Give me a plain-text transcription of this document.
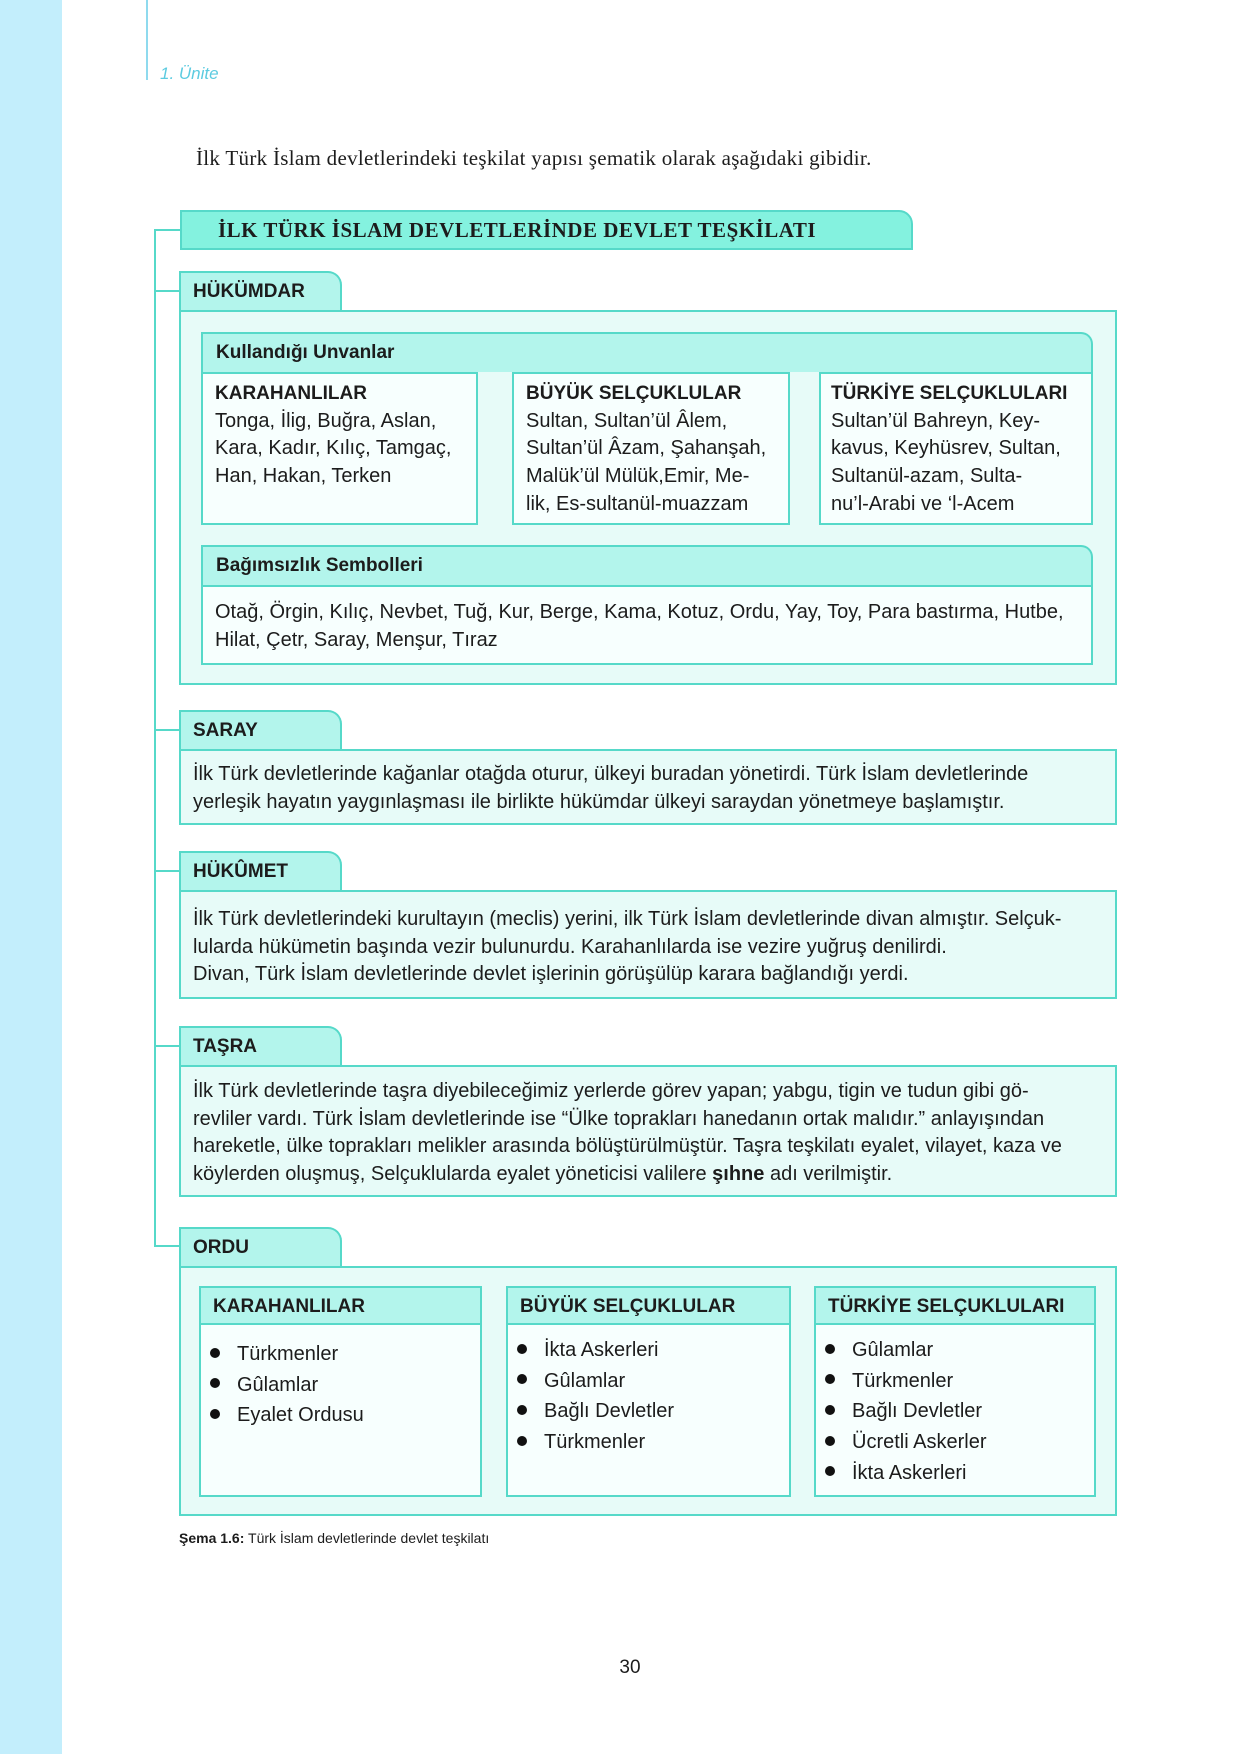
1. Ünite
İlk Türk İslam devletlerindeki teşkilat yapısı şematik olarak aşağıdaki gibidir.
İLK TÜRK İSLAM DEVLETLERİNDE DEVLET TEŞKİLATI
HÜKÜMDAR
Kullandığı Unvanlar
KARAHANLILAR
Tonga, İlig, Buğra, Aslan,
Kara, Kadır, Kılıç, Tamgaç,
Han, Hakan, Terken
BÜYÜK SELÇUKLULAR
Sultan, Sultan’ül Âlem,
Sultan’ül Âzam, Şahanşah,
Malük’ül Mülük,Emir, Me-
lik, Es-sultanül-muazzam
TÜRKİYE SELÇUKLULARI
Sultan’ül Bahreyn, Key-
kavus, Keyhüsrev, Sultan,
Sultanül-azam, Sulta-
nu’l-Arabi ve ‘l-Acem
Bağımsızlık Sembolleri
Otağ, Örgin, Kılıç, Nevbet, Tuğ, Kur, Berge, Kama, Kotuz, Ordu, Yay, Toy, Para bastırma, Hutbe,
Hilat, Çetr, Saray, Menşur, Tıraz
SARAY
İlk Türk devletlerinde kağanlar otağda oturur, ülkeyi buradan yönetirdi. Türk İslam devletlerinde
yerleşik hayatın yaygınlaşması ile birlikte hükümdar ülkeyi saraydan yönetmeye başlamıştır.
HÜKÛMET
İlk Türk devletlerindeki kurultayın (meclis) yerini, ilk Türk İslam devletlerinde divan almıştır. Selçuk-
lularda hükümetin başında vezir bulunurdu. Karahanlılarda ise vezire yuğruş denilirdi.
Divan, Türk İslam devletlerinde devlet işlerinin görüşülüp karara bağlandığı yerdi.
TAŞRA
İlk Türk devletlerinde taşra diyebileceğimiz yerlerde görev yapan; yabgu, tigin ve tudun gibi gö-
revliler vardı. Türk İslam devletlerinde ise “Ülke toprakları hanedanın ortak malıdır.” anlayışından
hareketle, ülke toprakları melikler arasında bölüştürülmüştür. Taşra teşkilatı eyalet, vilayet, kaza ve
köylerden oluşmuş, Selçuklularda eyalet yöneticisi valilere şıhne adı verilmiştir.
ORDU
KARAHANLILAR
Türkmenler
Gûlamlar
Eyalet Ordusu
BÜYÜK SELÇUKLULAR
İkta Askerleri
Gûlamlar
Bağlı Devletler
Türkmenler
TÜRKİYE SELÇUKLULARI
Gûlamlar
Türkmenler
Bağlı Devletler
Ücretli Askerler
İkta Askerleri
Şema 1.6: Türk İslam devletlerinde devlet teşkilatı
30
